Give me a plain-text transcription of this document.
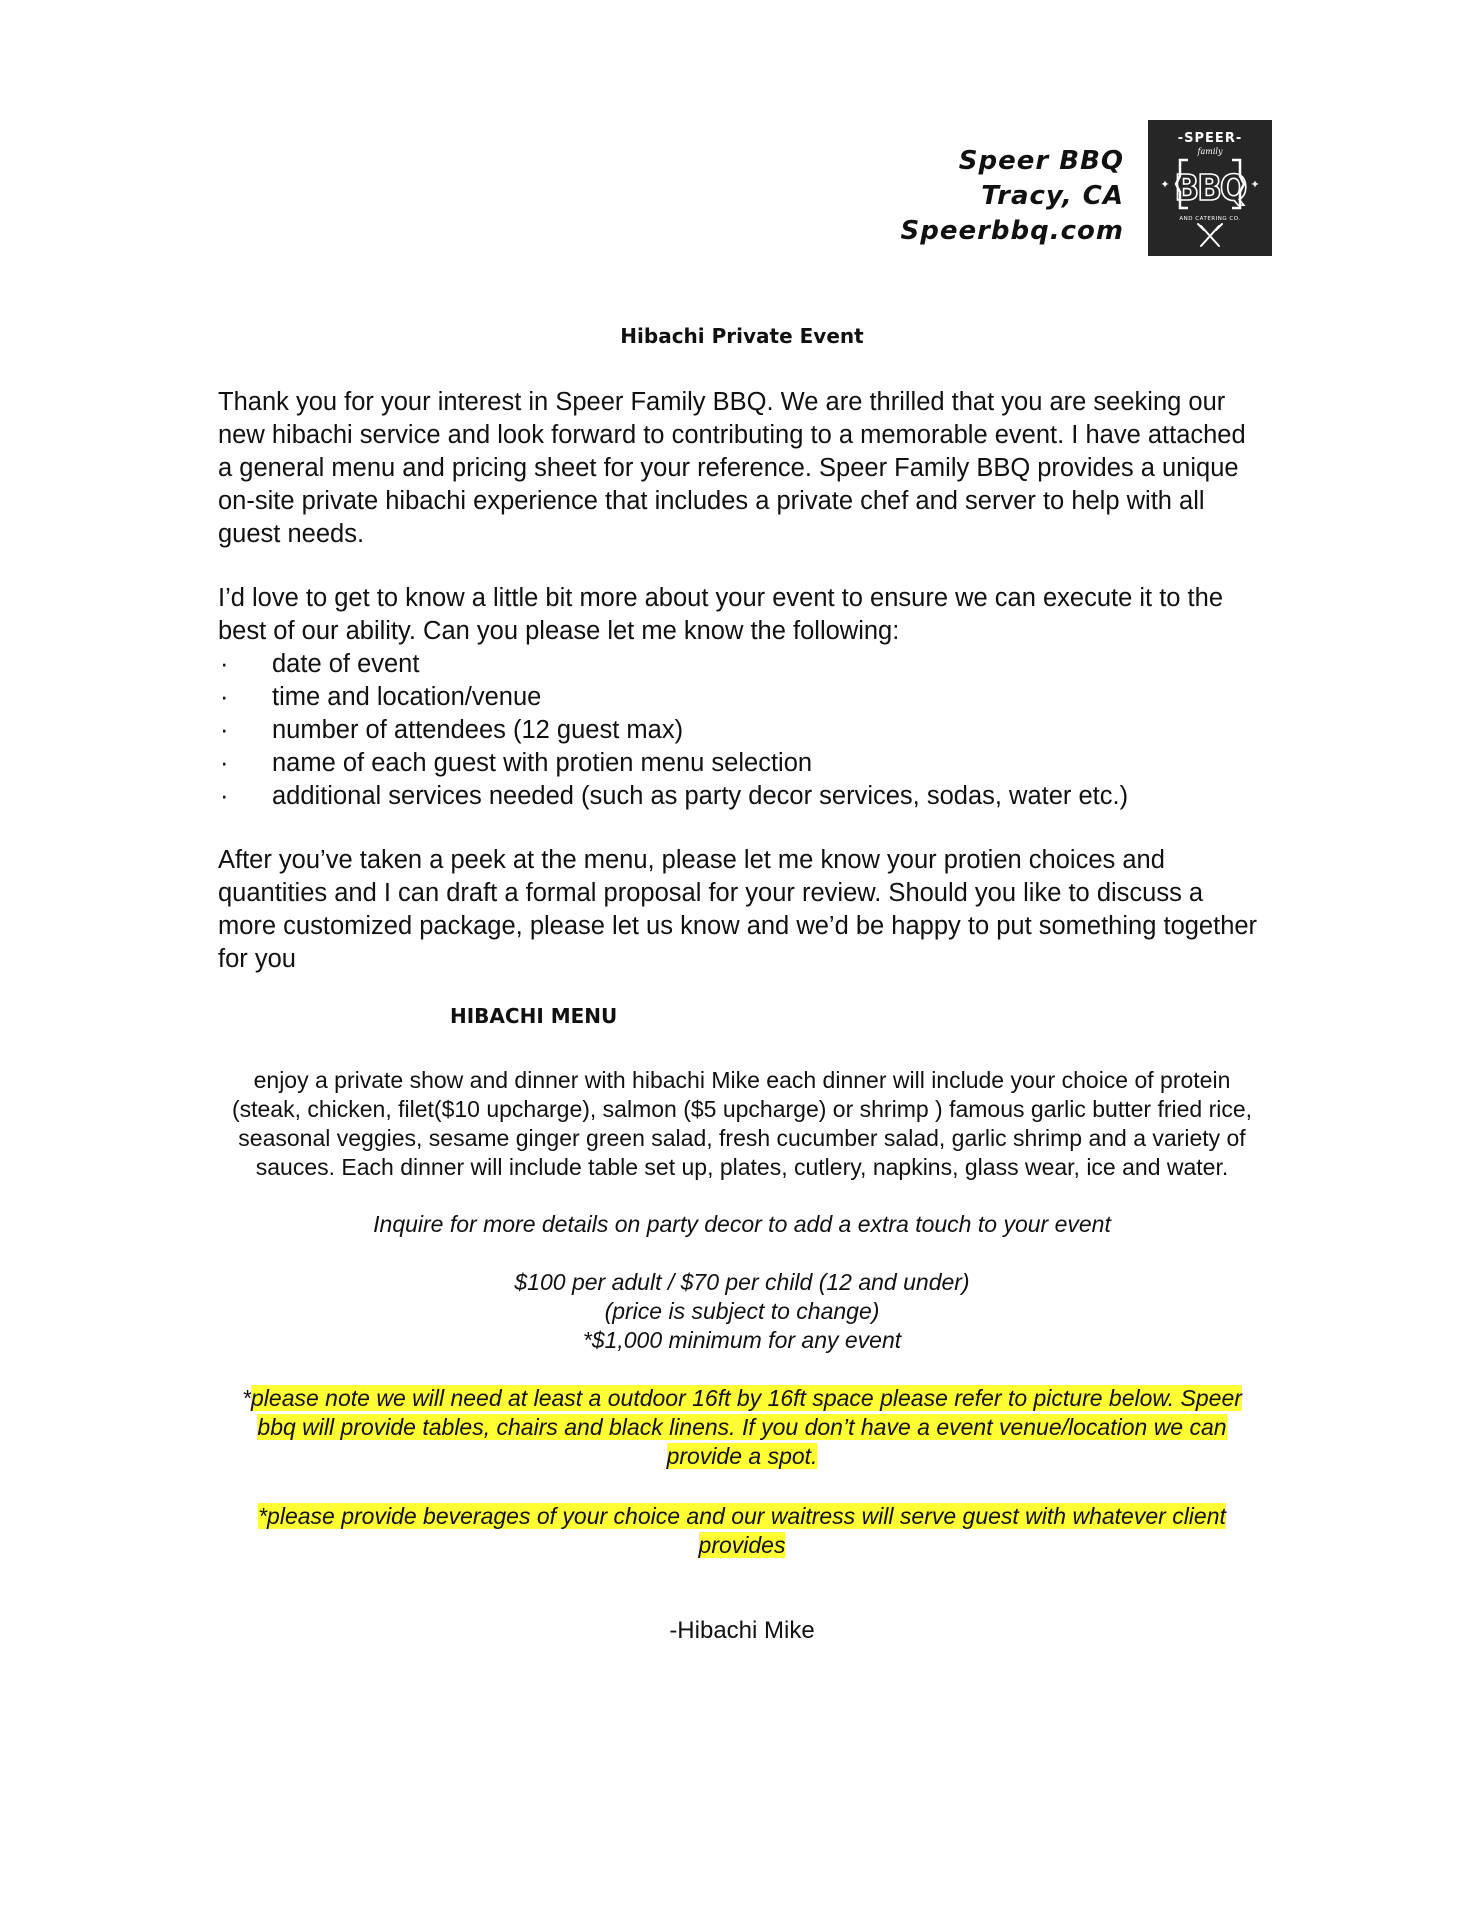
Speer BBQ
Tracy, CA
Speerbbq.com
-SPEER-
family
BBQ
✦	✦
AND CATERING CO.
Hibachi Private Event
Thank you for your interest in Speer Family BBQ. We are thrilled that you are seeking our new hibachi service and look forward to contributing to a memorable event. I have attached a general menu and pricing sheet for your reference. Speer Family BBQ provides a unique on-site private hibachi experience that includes a private chef and server to help with all guest needs.
I’d love to get to know a little bit more about your event to ensure we can execute it to the best of our ability. Can you please let me know the following:
· date of event
· time and location/venue
· number of attendees (12 guest max)
· name of each guest with protien menu selection
· additional services needed (such as party decor services, sodas, water etc.)
After you’ve taken a peek at the menu, please let me know your protien choices and quantities and I can draft a formal proposal for your review. Should you like to discuss a more customized package, please let us know and we’d be happy to put something together for you
HIBACHI MENU
enjoy a private show and dinner with hibachi Mike each dinner will include your choice of protein (steak, chicken, filet($10 upcharge), salmon ($5 upcharge) or shrimp ) famous garlic butter fried rice, seasonal veggies, sesame ginger green salad, fresh cucumber salad, garlic shrimp and a variety of sauces. Each dinner will include table set up, plates, cutlery, napkins, glass wear, ice and water.
Inquire for more details on party decor to add a extra touch to your event
$100 per adult / $70 per child (12 and under)
(price is subject to change)
*$1,000 minimum for any event
*please note we will need at least a outdoor 16ft by 16ft space please refer to picture below. Speer bbq will provide tables, chairs and black linens. If you don’t have a event venue/location we can provide a spot.
*please provide beverages of your choice and our waitress will serve guest with whatever client provides
-Hibachi Mike
